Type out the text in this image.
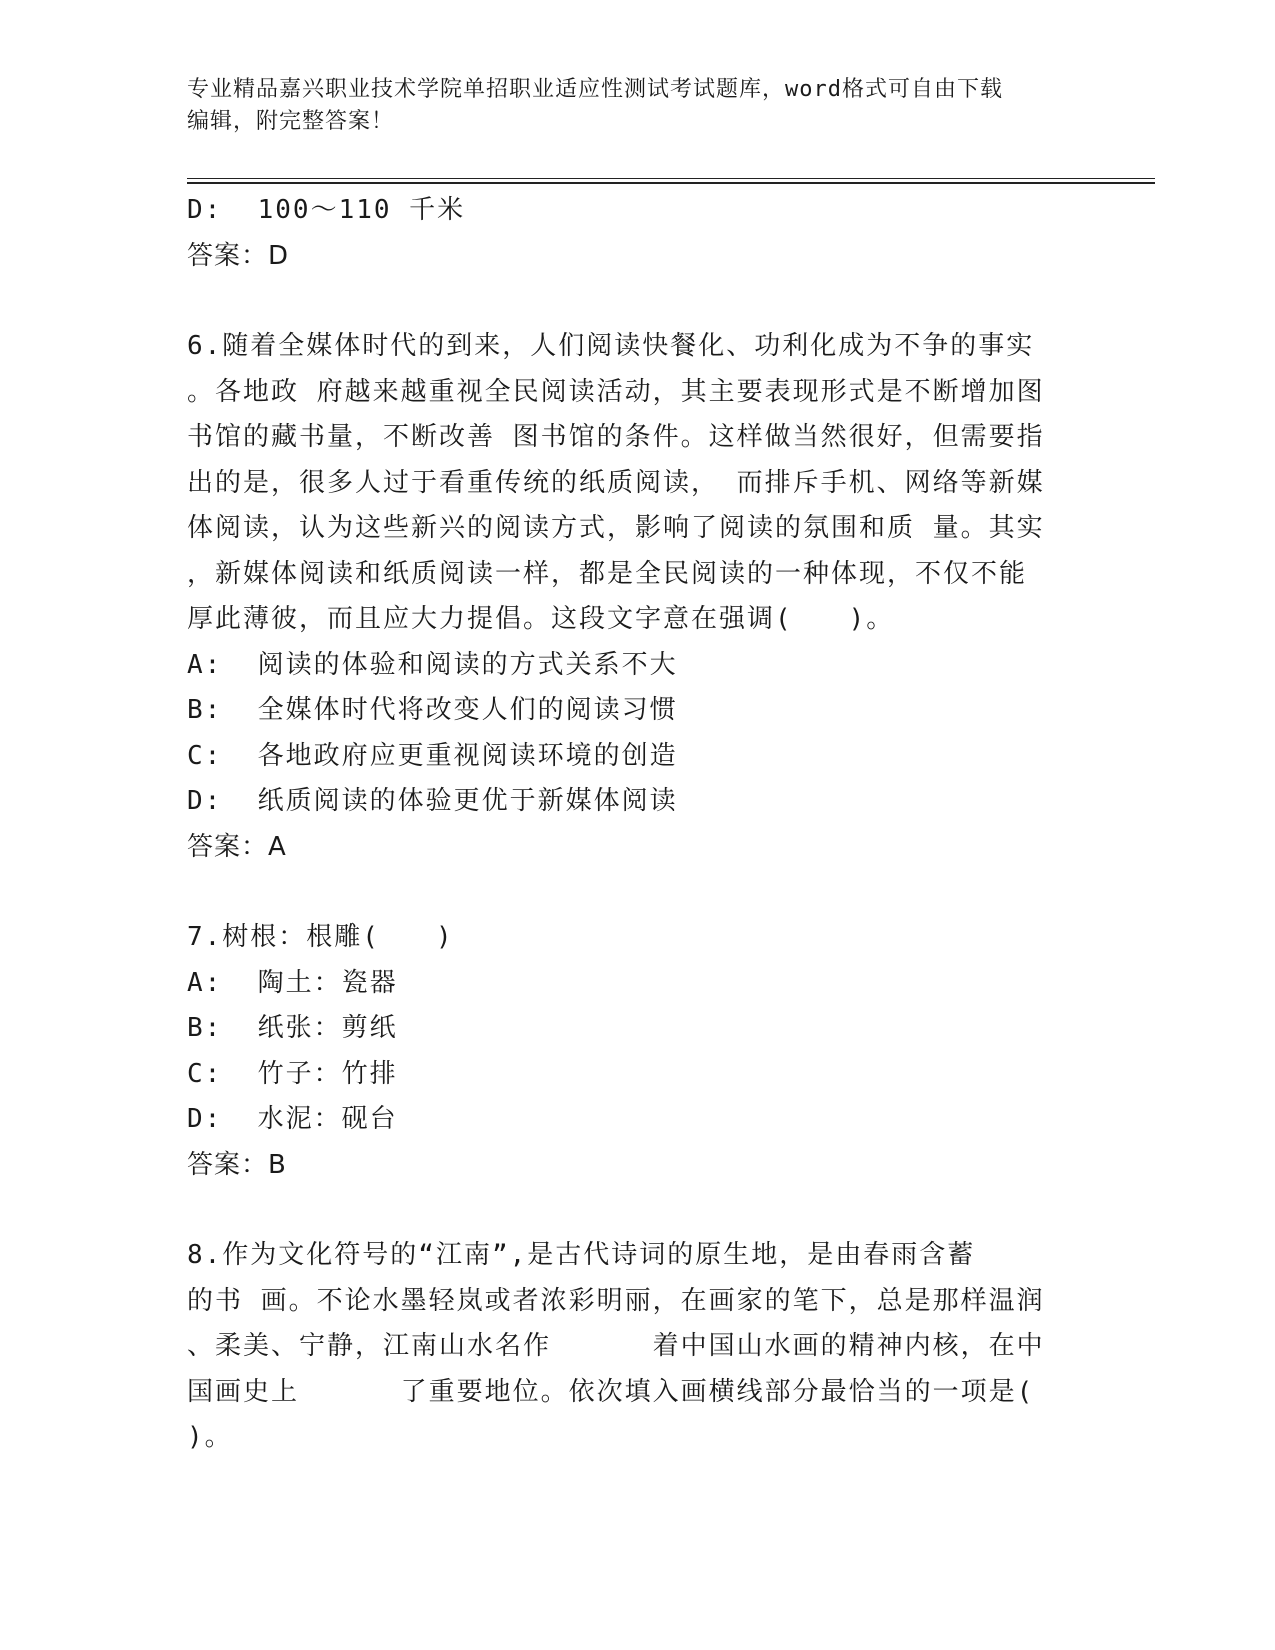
专业精品嘉兴职业技术学院单招职业适应性测试考试题库，word格式可自由下载
编辑，附完整答案！
D:  100～110 千米
答案：D
6.随着全媒体时代的到来，人们阅读快餐化、功利化成为不争的事实
。各地政 府越来越重视全民阅读活动，其主要表现形式是不断增加图
书馆的藏书量，不断改善 图书馆的条件。这样做当然很好，但需要指
出的是，很多人过于看重传统的纸质阅读， 而排斥手机、网络等新媒
体阅读，认为这些新兴的阅读方式，影响了阅读的氛围和质 量。其实
，新媒体阅读和纸质阅读一样，都是全民阅读的一种体现，不仅不能
厚此薄彼，而且应大力提倡。这段文字意在强调(　　)。
A:  阅读的体验和阅读的方式关系不大
B:  全媒体时代将改变人们的阅读习惯
C:  各地政府应更重视阅读环境的创造
D:  纸质阅读的体验更优于新媒体阅读
答案：A
7.树根：根雕(　　)
A:  陶土：瓷器
B:  纸张：剪纸
C:  竹子：竹排
D:  水泥：砚台
答案：B
8.作为文化符号的“江南”,是古代诗词的原生地，是由春雨含蓄
的书 画。不论水墨轻岚或者浓彩明丽，在画家的笔下，总是那样温润
、柔美、宁静，江南山水名作　　　 着中国山水画的精神内核，在中
国画史上　　　 了重要地位。依次填入画横线部分最恰当的一项是(
)。
